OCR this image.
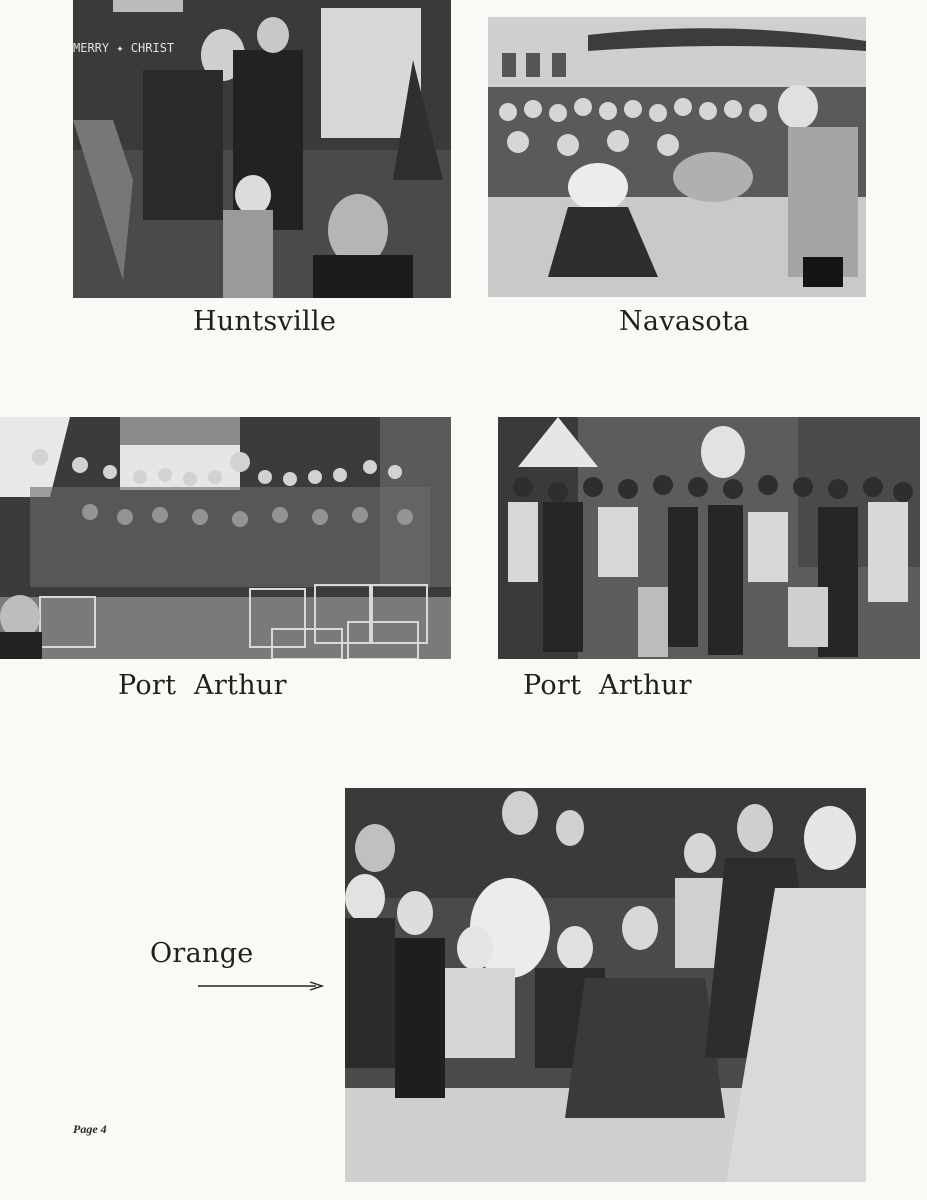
MERRY ✦ CHRIST
Huntsville	Navasota
Port  Arthur	Port  Arthur
Orange
Page 4
